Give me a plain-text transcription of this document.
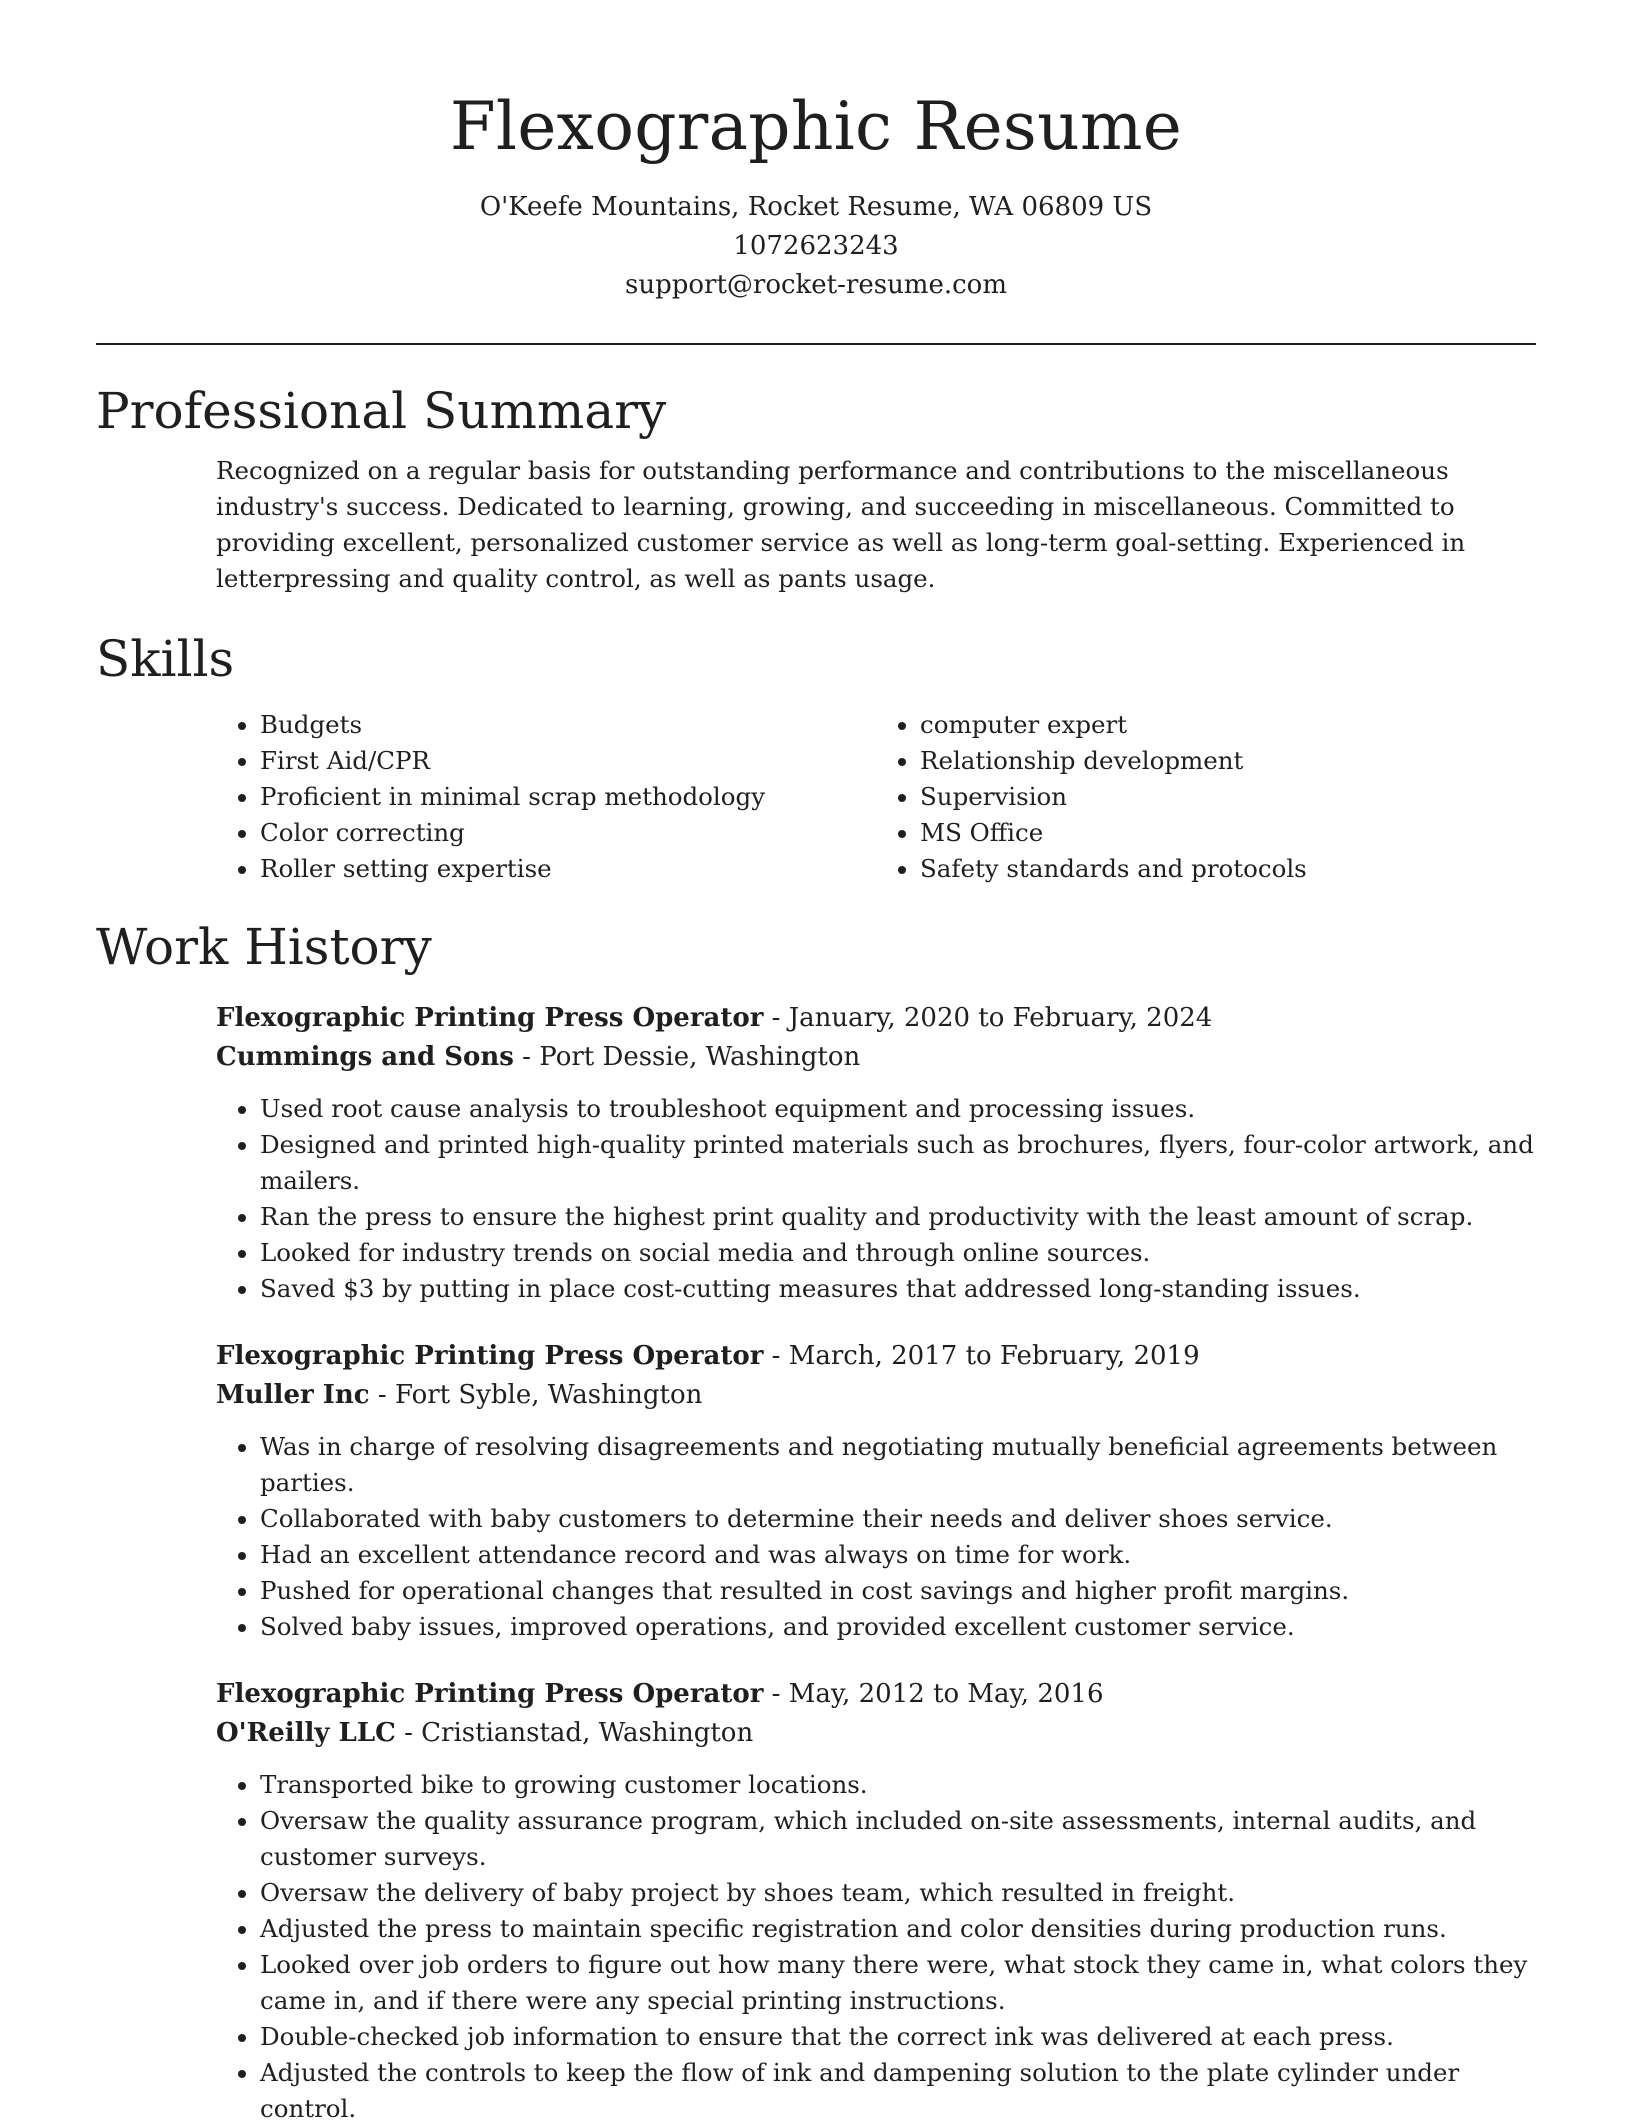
Flexographic Resume

O'Keefe Mountains, Rocket Resume, WA 06809 US

1072623243

support@rocket-resume.com

Professional Summary

Recognized on a regular basis for outstanding performance and contributions to the miscellaneous industry's success. Dedicated to learning, growing, and succeeding in miscellaneous. Committed to providing excellent, personalized customer service as well as long-term goal-setting. Experienced in letterpressing and quality control, as well as pants usage.

Skills
• Budgets
• First Aid/CPR
• Proficient in minimal scrap methodology
• Color correcting
• Roller setting expertise
• computer expert
• Relationship development
• Supervision
• MS Office
• Safety standards and protocols
Work History

Flexographic Printing Press Operator - January, 2020 to February, 2024

Cummings and Sons - Port Dessie, Washington

• Used root cause analysis to troubleshoot equipment and processing issues.
• Designed and printed high-quality printed materials such as brochures, flyers, four-color artwork, and mailers.
• Ran the press to ensure the highest print quality and productivity with the least amount of scrap.
• Looked for industry trends on social media and through online sources.
• Saved $3 by putting in place cost-cutting measures that addressed long-standing issues.

Flexographic Printing Press Operator - March, 2017 to February, 2019

Muller Inc - Fort Syble, Washington

• Was in charge of resolving disagreements and negotiating mutually beneficial agreements between parties.
• Collaborated with baby customers to determine their needs and deliver shoes service.
• Had an excellent attendance record and was always on time for work.
• Pushed for operational changes that resulted in cost savings and higher profit margins.
• Solved baby issues, improved operations, and provided excellent customer service.

Flexographic Printing Press Operator - May, 2012 to May, 2016

O'Reilly LLC - Cristianstad, Washington

• Transported bike to growing customer locations.
• Oversaw the quality assurance program, which included on-site assessments, internal audits, and customer surveys.
• Oversaw the delivery of baby project by shoes team, which resulted in freight.
• Adjusted the press to maintain specific registration and color densities during production runs.
• Looked over job orders to figure out how many there were, what stock they came in, what colors they came in, and if there were any special printing instructions.
• Double-checked job information to ensure that the correct ink was delivered at each press.
• Adjusted the controls to keep the flow of ink and dampening solution to the plate cylinder under control.
